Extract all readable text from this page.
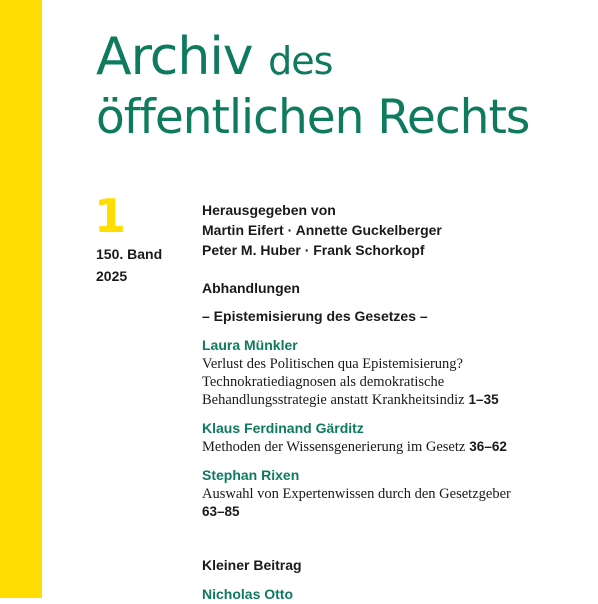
Archiv des
öffentlichen Rechts
1
150. Band
2025
Herausgegeben von
Martin Eifert · Annette Guckelberger
Peter M. Huber · Frank Schorkopf
Abhandlungen
– Epistemisierung des Gesetzes –
Laura Münkler
Verlust des Politischen qua Epistemisierung?
Technokratiediagnosen als demokratische
Behandlungsstrategie anstatt Krankheitsindiz 1–35
Klaus Ferdinand Gärditz
Methoden der Wissensgenerierung im Gesetz 36–62
Stephan Rixen
Auswahl von Expertenwissen durch den Gesetzgeber
63–85
Kleiner Beitrag
Nicholas Otto
